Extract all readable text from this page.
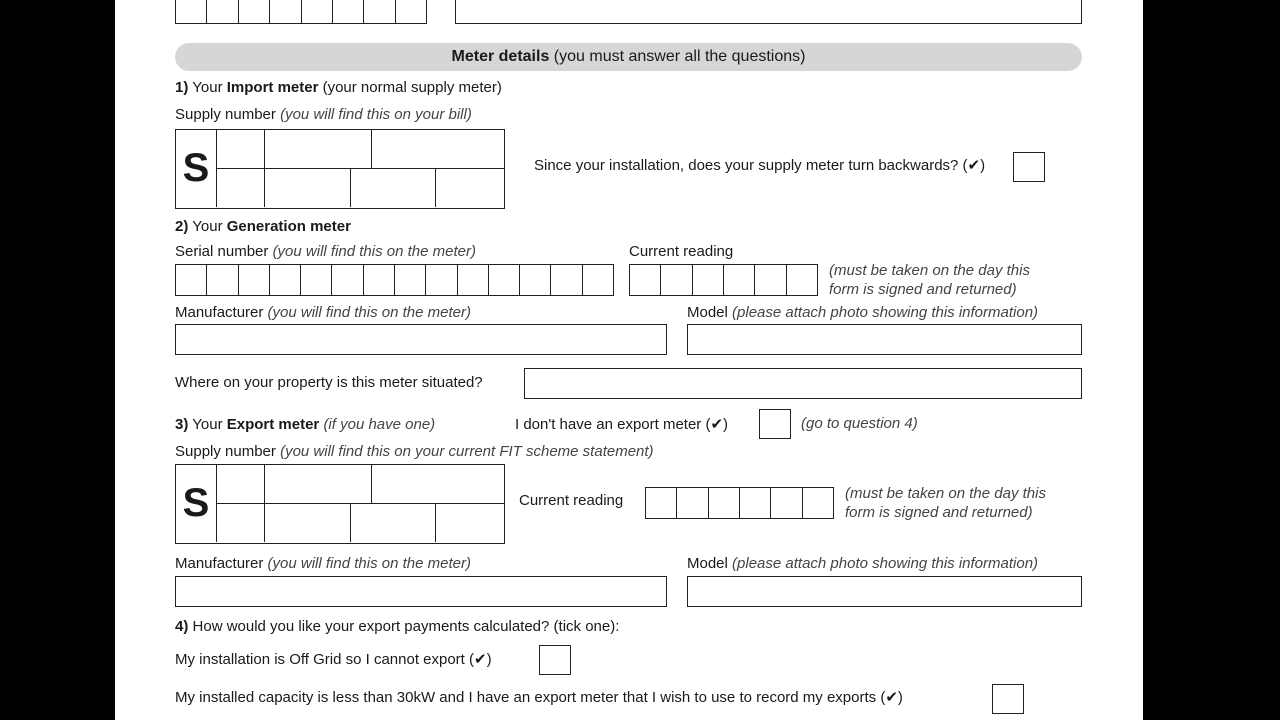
Meter details (you must answer all the questions)
1) Your Import meter (your normal supply meter)
Supply number (you will find this on your bill)
S	Since your installation, does your supply meter turn backwards? (✔)
2) Your Generation meter
Serial number (you will find this on the meter)	Current reading
(must be taken on the day this form is signed and returned)
Manufacturer (you will find this on the meter)	Model (please attach photo showing this information)
Where on your property is this meter situated?
3) Your Export meter (if you have one)	I don't have an export meter (✔)	(go to question 4)
Supply number (you will find this on your current FIT scheme statement)
S	Current reading	(must be taken on the day this form is signed and returned)
Manufacturer (you will find this on the meter)	Model (please attach photo showing this information)
4) How would you like your export payments calculated? (tick one):
My installation is Off Grid so I cannot export (✔)
My installed capacity is less than 30kW and I have an export meter that I wish to use to record my exports (✔)
